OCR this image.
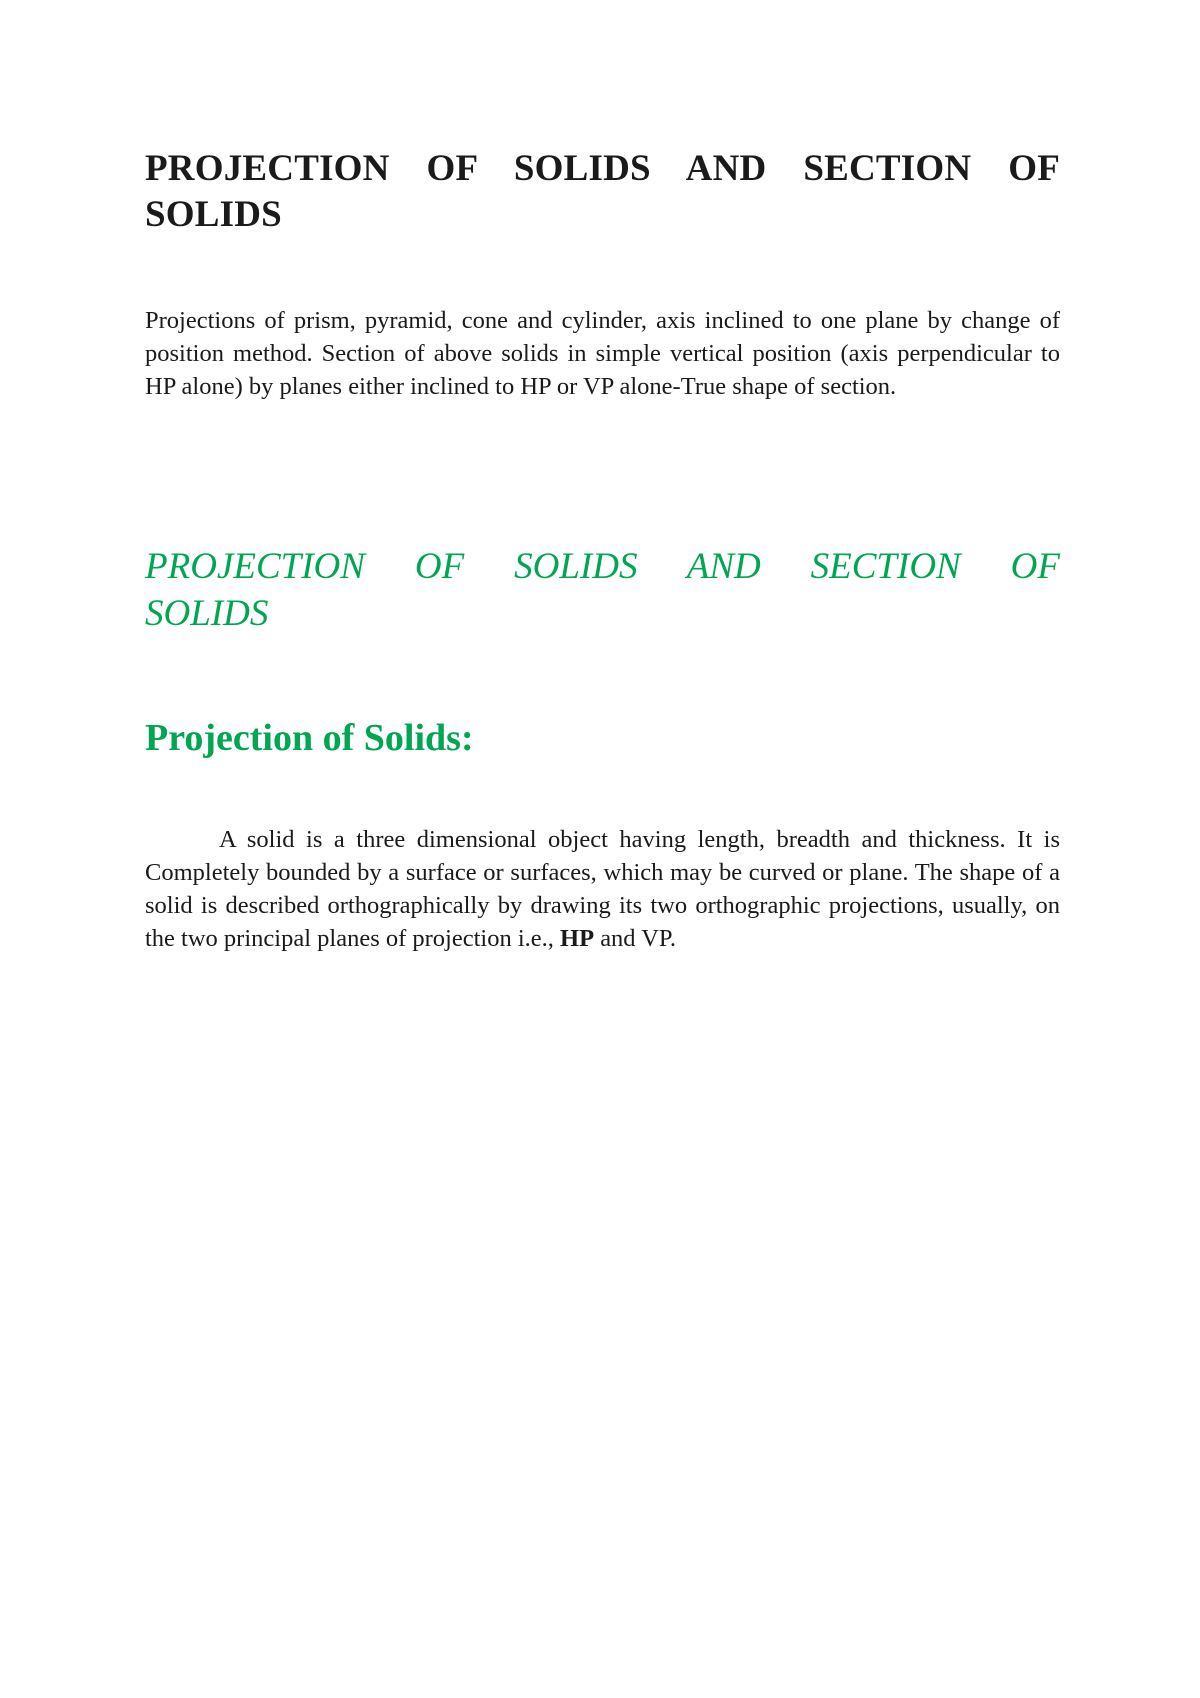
PROJECTION OF SOLIDS AND SECTION OF SOLIDS

Projections of prism, pyramid, cone and cylinder, axis inclined to one plane by change of position method. Section of above solids in simple vertical position (axis perpendicular to HP alone) by planes either inclined to HP or VP alone-True shape of section.

PROJECTION OF SOLIDS AND SECTION OF SOLIDS
Projection of Solids:

A solid is a three dimensional object having length, breadth and thickness. It is Completely bounded by a surface or surfaces, which may be curved or plane. The shape of a solid is described orthographically by drawing its two orthographic projections, usually, on the two principal planes of projection i.e., HP and VP.
